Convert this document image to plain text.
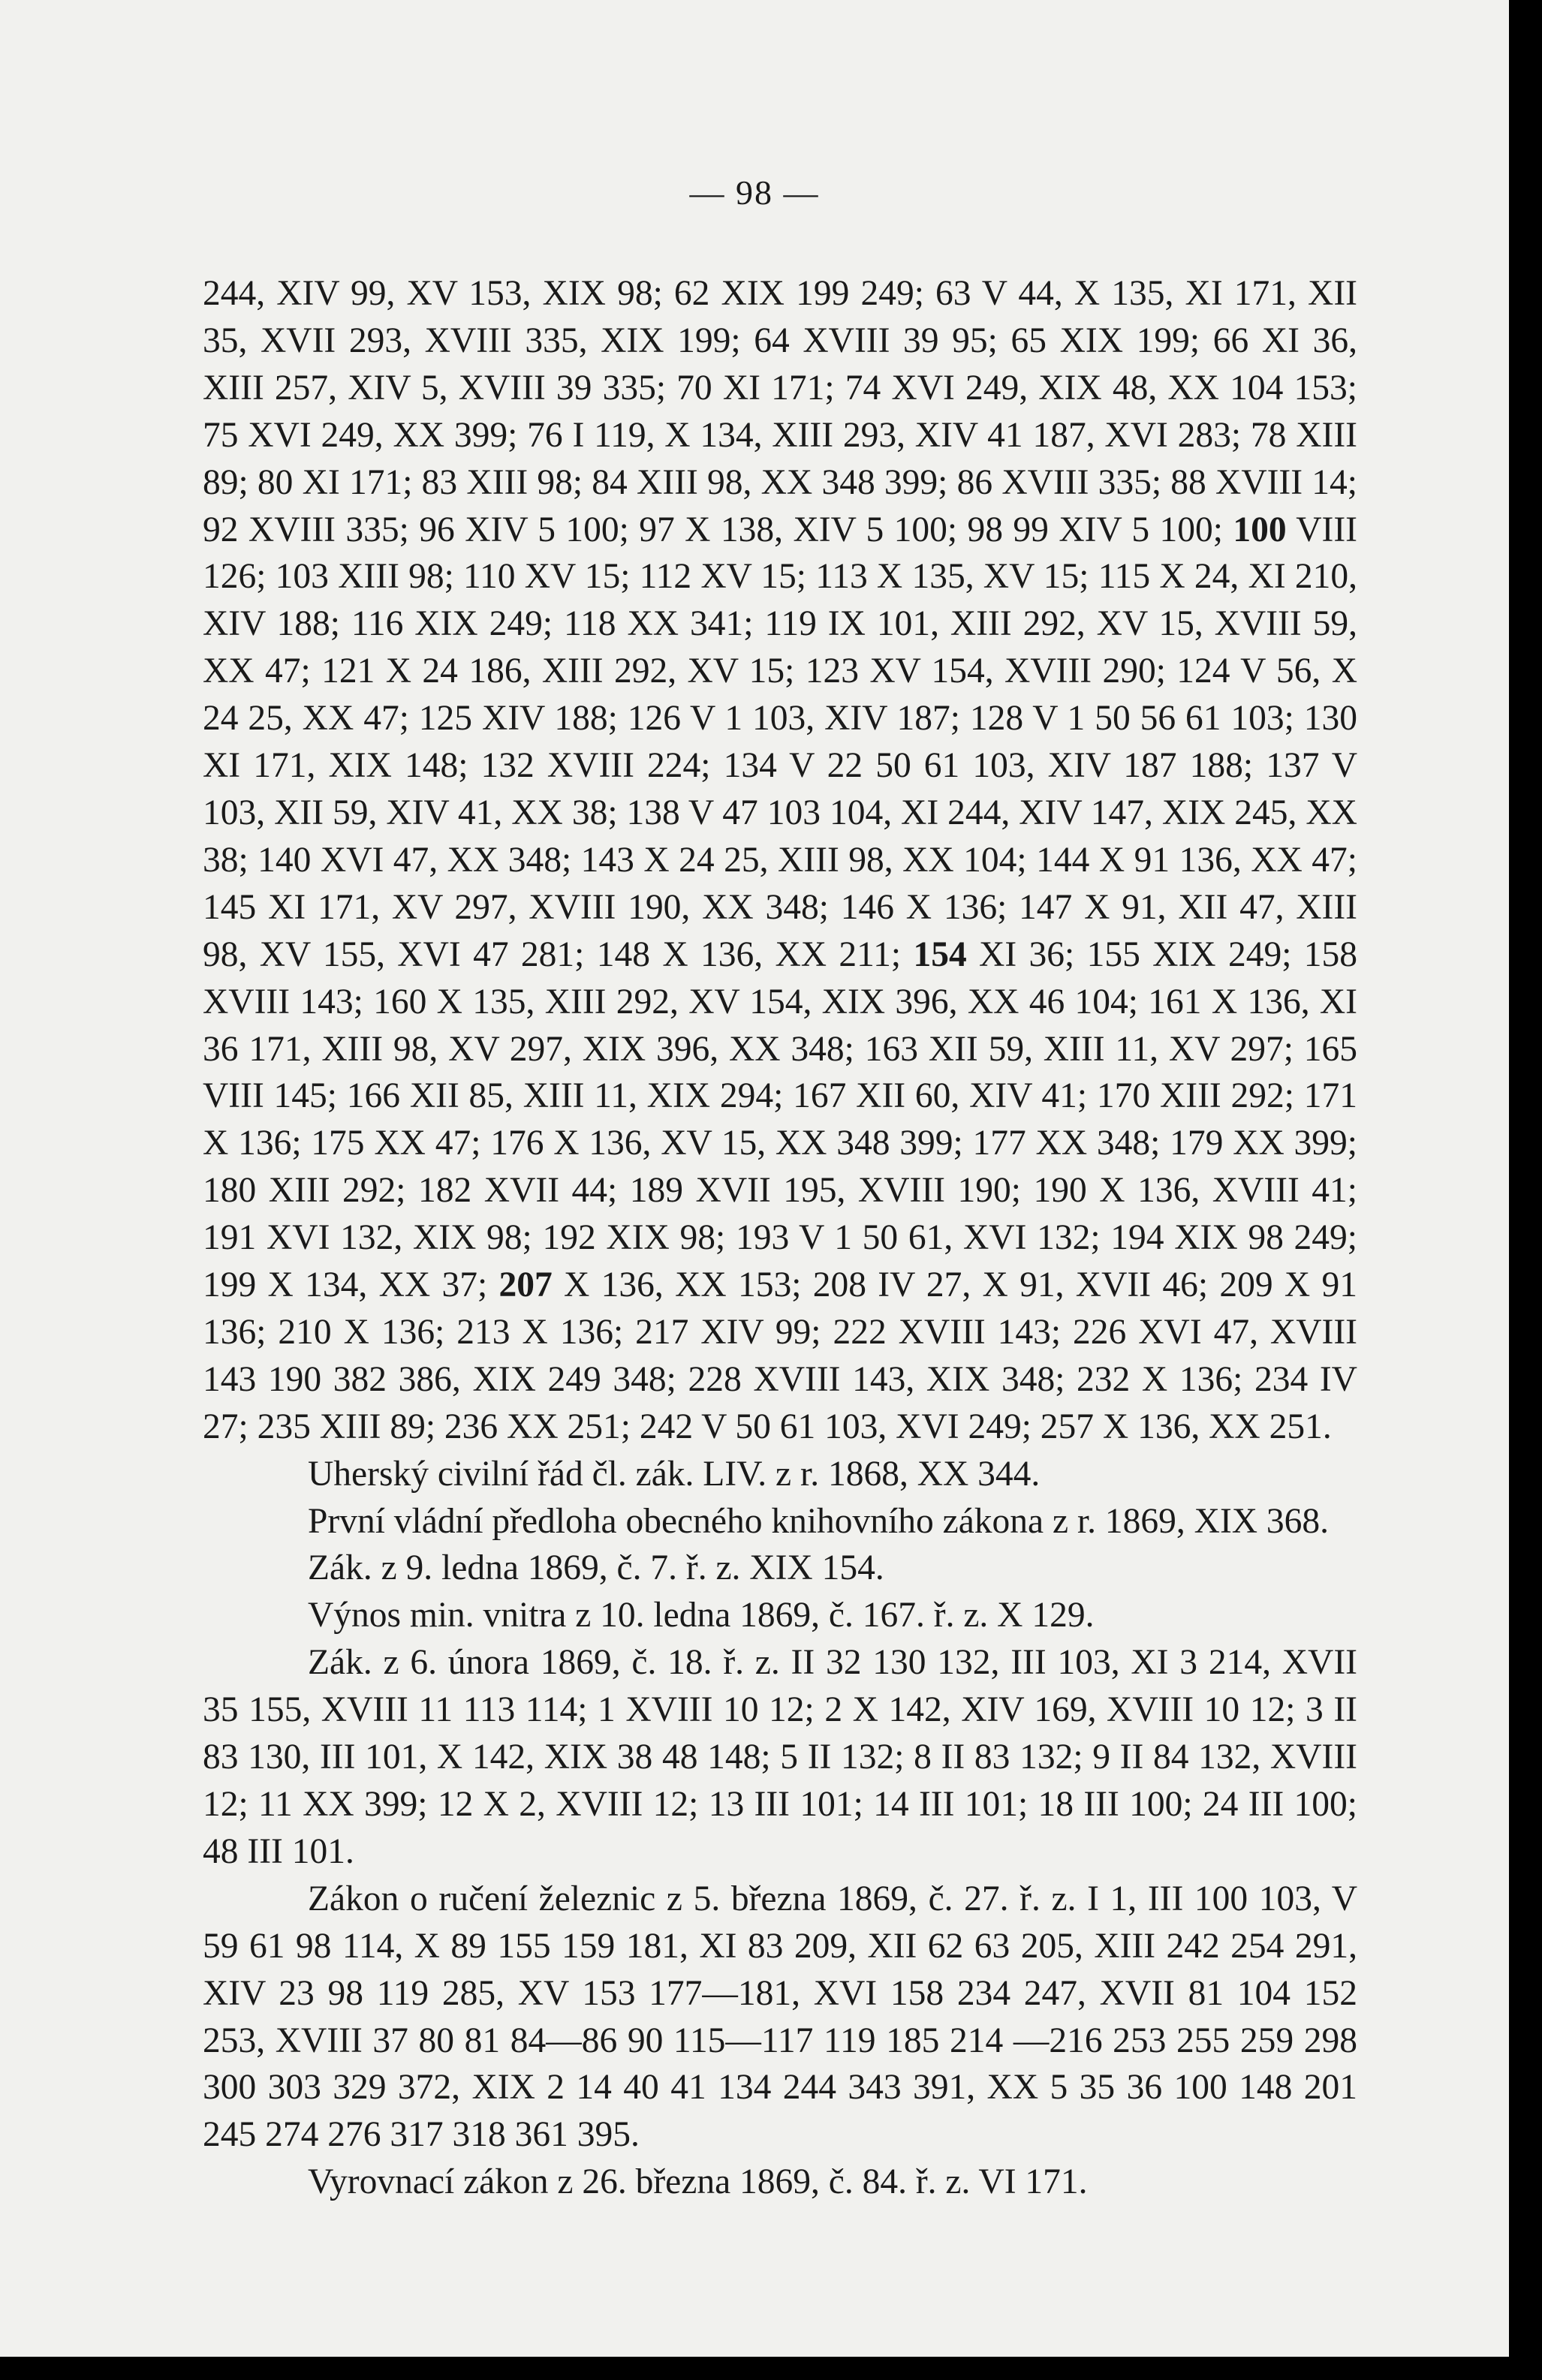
— 98 —

244, XIV 99, XV 153, XIX 98; 62 XIX 199 249; 63 V 44, X 135, XI 171, XII 35, XVII 293, XVIII 335, XIX 199; 64 XVIII 39 95; 65 XIX 199; 66 XI 36, XIII 257, XIV 5, XVIII 39 335; 70 XI 171; 74 XVI 249, XIX 48, XX 104 153; 75 XVI 249, XX 399; 76 I 119, X 134, XIII 293, XIV 41 187, XVI 283; 78 XIII 89; 80 XI 171; 83 XIII 98; 84 XIII 98, XX 348 399; 86 XVIII 335; 88 XVIII 14; 92 XVIII 335; 96 XIV 5 100; 97 X 138, XIV 5 100; 98 99 XIV 5 100; 100 VIII 126; 103 XIII 98; 110 XV 15; 112 XV 15; 113 X 135, XV 15; 115 X 24, XI 210, XIV 188; 116 XIX 249; 118 XX 341; 119 IX 101, XIII 292, XV 15, XVIII 59, XX 47; 121 X 24 186, XIII 292, XV 15; 123 XV 154, XVIII 290; 124 V 56, X 24 25, XX 47; 125 XIV 188; 126 V 1 103, XIV 187; 128 V 1 50 56 61 103; 130 XI 171, XIX 148; 132 XVIII 224; 134 V 22 50 61 103, XIV 187 188; 137 V 103, XII 59, XIV 41, XX 38; 138 V 47 103 104, XI 244, XIV 147, XIX 245, XX 38; 140 XVI 47, XX 348; 143 X 24 25, XIII 98, XX 104; 144 X 91 136, XX 47; 145 XI 171, XV 297, XVIII 190, XX 348; 146 X 136; 147 X 91, XII 47, XIII 98, XV 155, XVI 47 281; 148 X 136, XX 211; 154 XI 36; 155 XIX 249; 158 XVIII 143; 160 X 135, XIII 292, XV 154, XIX 396, XX 46 104; 161 X 136, XI 36 171, XIII 98, XV 297, XIX 396, XX 348; 163 XII 59, XIII 11, XV 297; 165 VIII 145; 166 XII 85, XIII 11, XIX 294; 167 XII 60, XIV 41; 170 XIII 292; 171 X 136; 175 XX 47; 176 X 136, XV 15, XX 348 399; 177 XX 348; 179 XX 399; 180 XIII 292; 182 XVII 44; 189 XVII 195, XVIII 190; 190 X 136, XVIII 41; 191 XVI 132, XIX 98; 192 XIX 98; 193 V 1 50 61, XVI 132; 194 XIX 98 249; 199 X 134, XX 37; 207 X 136, XX 153; 208 IV 27, X 91, XVII 46; 209 X 91 136; 210 X 136; 213 X 136; 217 XIV 99; 222 XVIII 143; 226 XVI 47, XVIII 143 190 382 386, XIX 249 348; 228 XVIII 143, XIX 348; 232 X 136; 234 IV 27; 235 XIII 89; 236 XX 251; 242 V 50 61 103, XVI 249; 257 X 136, XX 251.

Uherský civilní řád čl. zák. LIV. z r. 1868, XX 344.

První vládní předloha obecného knihovního zákona z r. 1869, XIX 368.

Zák. z 9. ledna 1869, č. 7. ř. z. XIX 154.

Výnos min. vnitra z 10. ledna 1869, č. 167. ř. z. X 129.

Zák. z 6. února 1869, č. 18. ř. z. II 32 130 132, III 103, XI 3 214, XVII 35 155, XVIII 11 113 114; 1 XVIII 10 12; 2 X 142, XIV 169, XVIII 10 12; 3 II 83 130, III 101, X 142, XIX 38 48 148; 5 II 132; 8 II 83 132; 9 II 84 132, XVIII 12; 11 XX 399; 12 X 2, XVIII 12; 13 III 101; 14 III 101; 18 III 100; 24 III 100; 48 III 101.

Zákon o ručení železnic z 5. března 1869, č. 27. ř. z. I 1, III 100 103, V 59 61 98 114, X 89 155 159 181, XI 83 209, XII 62 63 205, XIII 242 254 291, XIV 23 98 119 285, XV 153 177—181, XVI 158 234 247, XVII 81 104 152 253, XVIII 37 80 81 84—86 90 115—117 119 185 214 —216 253 255 259 298 300 303 329 372, XIX 2 14 40 41 134 244 343 391, XX 5 35 36 100 148 201 245 274 276 317 318 361 395.

Vyrovnací zákon z 26. března 1869, č. 84. ř. z. VI 171.
